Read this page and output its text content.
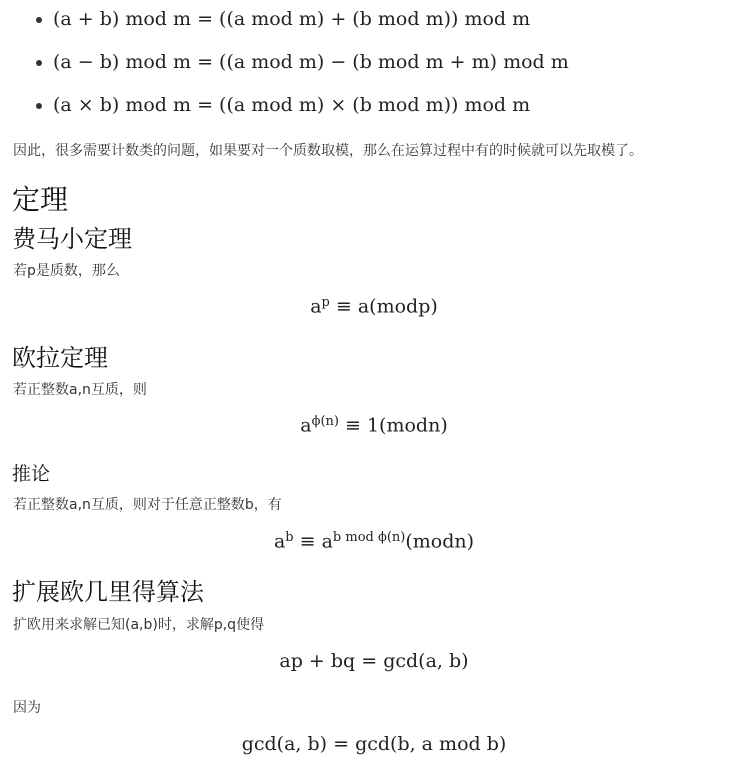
(a + b) mod m = ((a mod m) + (b mod m)) mod m
(a − b) mod m = ((a mod m) − (b mod m + m) mod m
(a × b) mod m = ((a mod m) × (b mod m)) mod m
因此，很多需要计数类的问题，如果要对一个质数取模，那么在运算过程中有的时候就可以先取模了。
定理
费马小定理
若p是质数，那么
$a^p$ ≡ a(modp)
欧拉定理
若正整数a,n互质，则
$a^{\phi(n)}$ ≡ 1(modn)
推论
若正整数a,n互质，则对于任意正整数b，有
$a^b$ ≡ $a^{b mod \phi(n)}(modn)$
扩展欧几里得算法
扩欧用来求解已知(a,b)时，求解p,q使得
ap + bq = gcd(a, b)
因为
gcd(a, b) = gcd(b, a mod b)
